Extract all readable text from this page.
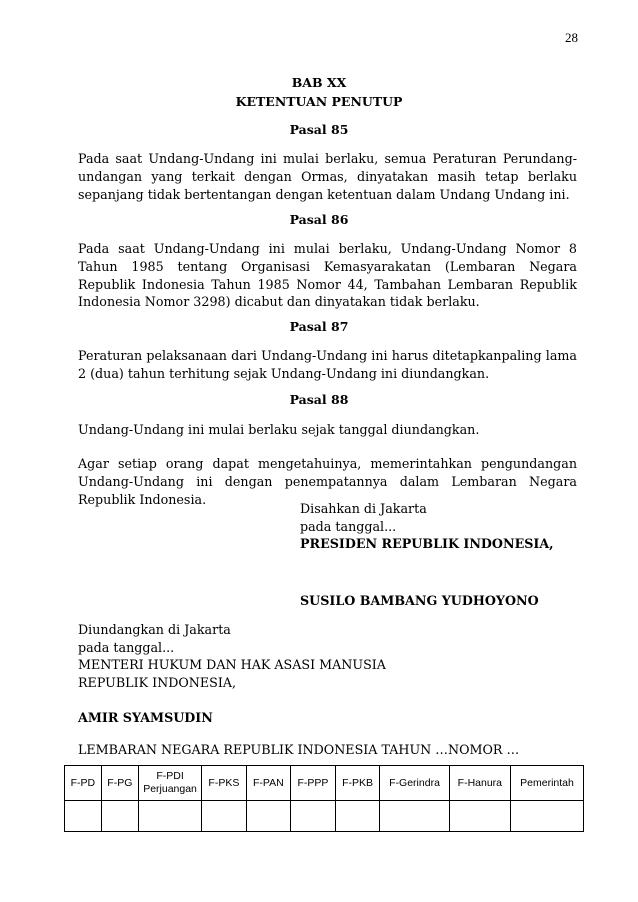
28
BAB XX
KETENTUAN PENUTUP
Pasal 85
Pada saat Undang-Undang ini mulai berlaku, semua Peraturan Perundang-undangan yang terkait dengan Ormas, dinyatakan masih tetap berlaku sepanjang tidak bertentangan dengan ketentuan dalam Undang Undang ini.
Pasal 86
Pada saat Undang-Undang ini mulai berlaku, Undang-Undang Nomor 8 Tahun 1985 tentang Organisasi Kemasyarakatan (Lembaran Negara Republik Indonesia Tahun 1985 Nomor 44, Tambahan Lembaran Republik Indonesia Nomor 3298) dicabut dan dinyatakan tidak berlaku.
Pasal 87
Peraturan pelaksanaan dari Undang-Undang ini harus ditetapkanpaling lama 2 (dua) tahun terhitung sejak Undang-Undang ini diundangkan.
Pasal 88
Undang-Undang ini mulai berlaku sejak tanggal diundangkan.
Agar setiap orang dapat mengetahuinya, memerintahkan pengundangan Undang-Undang ini dengan penempatannya dalam Lembaran Negara Republik Indonesia.
Disahkan di Jakarta
pada tanggal...
PRESIDEN REPUBLIK INDONESIA,
SUSILO BAMBANG YUDHOYONO
Diundangkan di Jakarta
pada tanggal...
MENTERI HUKUM DAN HAK ASASI MANUSIA
REPUBLIK INDONESIA,
AMIR SYAMSUDIN
LEMBARAN NEGARA REPUBLIK INDONESIA TAHUN …NOMOR …
F-PD	F-PG	F-PDI Perjuangan	F-PKS	F-PAN	F-PPP	F-PKB	F-Gerindra	F-Hanura	Pemerintah
